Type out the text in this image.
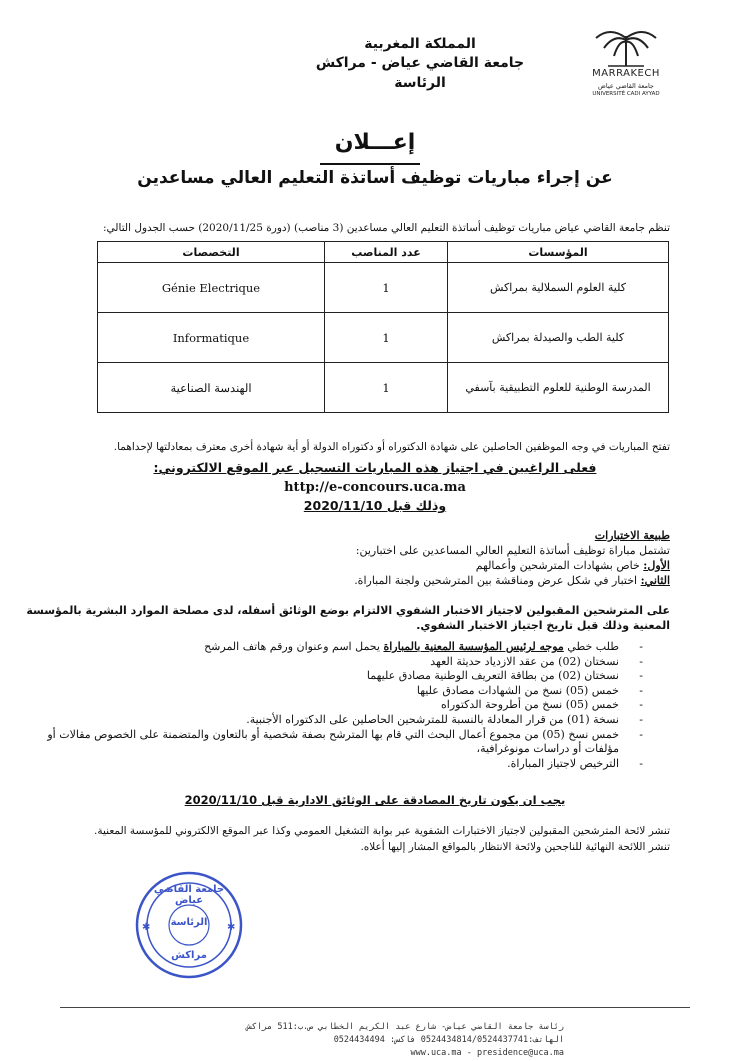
المملكة المغربية
جامعة القاضي عياض - مراكش
الرئاسة
MARRAKECH
جامعة القاضي عياض
UNIVERSITÉ CADI AYYAD
إعـــلان
عن إجراء مباريات توظيف أساتذة التعليم العالي مساعدين
تنظم جامعة القاضي عياض مباريات توظيف أساتذة التعليم العالي مساعدين (3 مناصب) (دورة 2020/11/25) حسب الجدول التالي:
المؤسسات	عدد المناصب	التخصصات
كلية العلوم السملالية بمراكش	1	Génie Electrique
كلية الطب والصيدلة بمراكش	1	Informatique
المدرسة الوطنية للعلوم التطبيقية بآسفي	1	الهندسة الصناعية
تفتح المباريات في وجه الموظفين الحاصلين على شهادة الدكتوراه أو دكتوراه الدولة أو أية شهادة أخرى معترف بمعادلتها لإحداهما.
فعلى الراغبين في اجتياز هذه المباريات التسجيل عبر الموقع الالكتروني:
http://e-concours.uca.ma
وذلك قبل 2020/11/10
طبيعة الاختبارات
تشتمل مباراة توظيف أساتذة التعليم العالي المساعدين على اختبارين:
الأول: خاص بشهادات المترشحين وأعمالهم
الثاني: اختبار في شكل عرض ومناقشة بين المترشحين ولجنة المباراة.
على المترشحين المقبولين لاجتياز الاختبار الشفوي الالتزام بوضع الوثائق أسفله، لدى مصلحة الموارد البشرية بالمؤسسة المعنية وذلك قبل تاريخ اجتياز الاختبار الشفوي.
- طلب خطي موجه لرئيس المؤسسة المعنية بالمباراة يحمل اسم وعنوان ورقم هاتف المرشح
- نسختان (02) من عقد الازدياد حديثة العهد
- نسختان (02) من بطاقة التعريف الوطنية مصادق عليهما
- خمس (05) نسخ من الشهادات مصادق عليها
- خمس (05) نسخ من أطروحة الدكتوراه
- نسخة (01) من قرار المعادلة بالنسبة للمترشحين الحاصلين على الدكتوراه الأجنبية.
- خمس نسخ (05) من مجموع أعمال البحث التي قام بها المترشح بصفة شخصية أو بالتعاون والمتضمنة على الخصوص مقالات أو مؤلفات أو دراسات مونوغرافية،
- الترخيص لاجتياز المباراة.
يجب ان يكون تاريخ المصادقة على الوثائق الادارية قبل 2020/11/10
تنشر لائحة المترشحين المقبولين لاجتياز الاختبارات الشفوية عبر بوابة التشغيل العمومي وكذا عبر الموقع الالكتروني للمؤسسة المعنية.
تنشر اللائحة النهائية للناجحين ولائحة الانتظار بالمواقع المشار إليها أعلاه.
✱	✱
جامعة القاضي عياض
الرئاسة
مراكش
رئاسة جامعة القاضي عياض- شارع عبد الكريم الخطابي ص.ب:511 مراكش
الهاتف:0524434814/0524437741 فاكس: 0524434494
www.uca.ma - presidence@uca.ma
